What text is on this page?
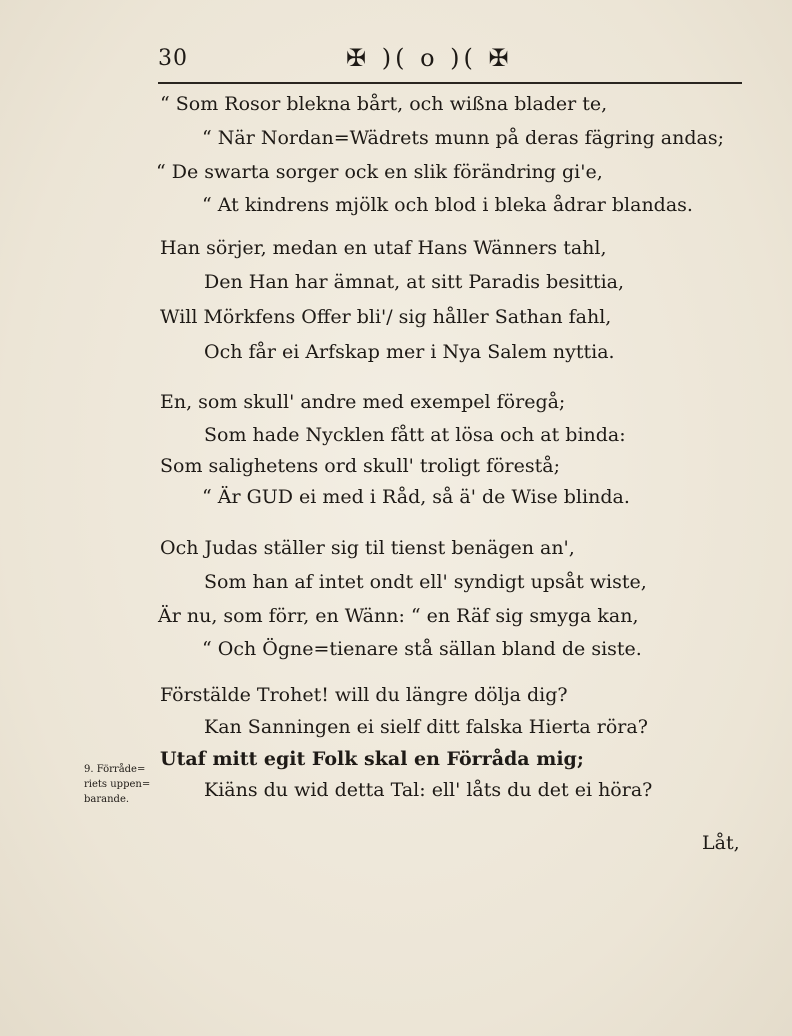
30	✠ )( o )( ✠
“ Som Rosor blekna bårt, och wißna blader te,
“ När Nordan=Wädrets munn på deras fägring andas;
“ De swarta sorger ock en slik förändring gi'e,
“ At kindrens mjölk och blod i bleka ådrar blandas.
Han sörjer, medan en utaf Hans Wänners tahl,
Den Han har ämnat, at sitt Paradis besittia,
Will Mörkfens Offer bli'/ sig håller Sathan fahl,
Och får ei Arfskap mer i Nya Salem nyttia.
En, som skull' andre med exempel föregå;
Som hade Nycklen fått at lösa och at binda:
Som salighetens ord skull' troligt förestå;
“ Är GUD ei med i Råd, så ä' de Wise blinda.
Och Judas ställer sig til tienst benägen an',
Som han af intet ondt ell' syndigt upsåt wiste,
Är nu, som förr, en Wänn: “ en Räf sig smyga kan,
“ Och Ögne=tienare stå sällan bland de siste.
Förstälde Trohet! will du längre dölja dig?
Kan Sanningen ei sielf ditt falska Hierta röra?
Utaf mitt egit Folk skal en Förråda mig;
Kiäns du wid detta Tal: ell' låts du det ei höra?
9. Förråde=
riets uppen=
barande.
Låt,
